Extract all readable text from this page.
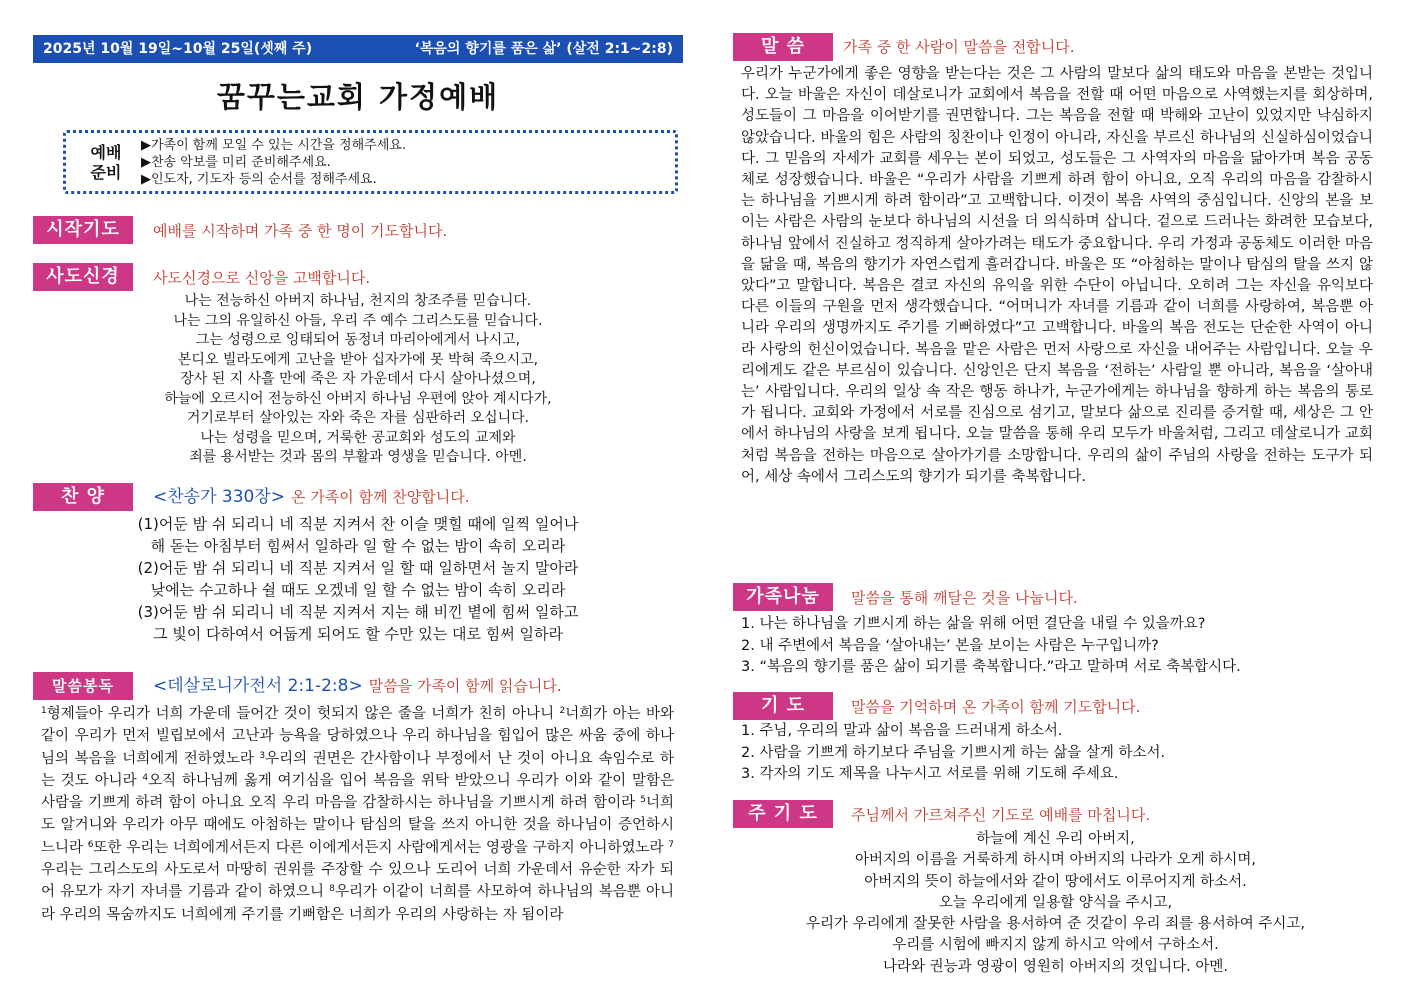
2025년 10월 19일~10월 25일(셋째 주)	‘복음의 향기를 품은 삶’ (살전 2:1~2:8)
꿈꾸는교회 가정예배
예배
준비
▶가족이 함께 모일 수 있는 시간을 정해주세요.
▶찬송 악보를 미리 준비해주세요.
▶인도자, 기도자 등의 순서를 정해주세요.
시작기도	예배를 시작하며 가족 중 한 명이 기도합니다.
사도신경	사도신경으로 신앙을 고백합니다.
나는 전능하신 아버지 하나님, 천지의 창조주를 믿습니다.
나는 그의 유일하신 아들, 우리 주 예수 그리스도를 믿습니다.
그는 성령으로 잉태되어 동정녀 마리아에게서 나시고,
본디오 빌라도에게 고난을 받아 십자가에 못 박혀 죽으시고,
장사 된 지 사흘 만에 죽은 자 가운데서 다시 살아나셨으며,
하늘에 오르시어 전능하신 아버지 하나님 우편에 앉아 계시다가,
거기로부터 살아있는 자와 죽은 자를 심판하러 오십니다.
나는 성령을 믿으며, 거룩한 공교회와 성도의 교제와
죄를 용서받는 것과 몸의 부활과 영생을 믿습니다. 아멘.
찬 양	<찬송가 330장> 온 가족이 함께 찬양합니다.
(1)어둔 밤 쉬 되리니 네 직분 지켜서 찬 이슬 맺힐 때에 일찍 일어나
해 돋는 아침부터 힘써서 일하라 일 할 수 없는 밤이 속히 오리라
(2)어둔 밤 쉬 되리니 네 직분 지켜서 일 할 때 일하면서 놀지 말아라
낮에는 수고하나 쉴 때도 오겠네 일 할 수 없는 밤이 속히 오리라
(3)어둔 밤 쉬 되리니 네 직분 지켜서 지는 해 비낀 볕에 힘써 일하고
그 빛이 다하여서 어둡게 되어도 할 수만 있는 대로 힘써 일하라
말씀봉독	<데살로니가전서 2:1-2:8> 말씀을 가족이 함께 읽습니다.
$^1$형제들아 우리가 너희 가운데 들어간 것이 헛되지 않은 줄을 너희가 친히 아나니 $^2$너희가 아는 바와 같이 우리가 먼저 빌립보에서 고난과 능욕을 당하였으나 우리 하나님을 힘입어 많은 싸움 중에 하나님의 복음을 너희에게 전하였노라 $^3$우리의 권면은 간사함이나 부정에서 난 것이 아니요 속임수로 하는 것도 아니라 $^4$오직 하나님께 옳게 여기심을 입어 복음을 위탁 받았으니 우리가 이와 같이 말함은 사람을 기쁘게 하려 함이 아니요 오직 우리 마음을 감찰하시는 하나님을 기쁘시게 하려 함이라 $^5$너희도 알거니와 우리가 아무 때에도 아첨하는 말이나 탐심의 탈을 쓰지 아니한 것을 하나님이 증언하시느니라 $^6$또한 우리는 너희에게서든지 다른 이에게서든지 사람에게서는 영광을 구하지 아니하였노라 $^7$우리는 그리스도의 사도로서 마땅히 권위를 주장할 수 있으나 도리어 너희 가운데서 유순한 자가 되어 유모가 자기 자녀를 기름과 같이 하였으니 $^8$우리가 이같이 너희를 사모하여 하나님의 복음뿐 아니라 우리의 목숨까지도 너희에게 주기를 기뻐함은 너희가 우리의 사랑하는 자 됨이라
말 씀	가족 중 한 사람이 말씀을 전합니다.
우리가 누군가에게 좋은 영향을 받는다는 것은 그 사람의 말보다 삶의 태도와 마음을 본받는 것입니다. 오늘 바울은 자신이 데살로니가 교회에서 복음을 전할 때 어떤 마음으로 사역했는지를 회상하며, 성도들이 그 마음을 이어받기를 권면합니다. 그는 복음을 전할 때 박해와 고난이 있었지만 낙심하지 않았습니다. 바울의 힘은 사람의 칭찬이나 인정이 아니라, 자신을 부르신 하나님의 신실하심이었습니다. 그 믿음의 자세가 교회를 세우는 본이 되었고, 성도들은 그 사역자의 마음을 닮아가며 복음 공동체로 성장했습니다. 바울은 “우리가 사람을 기쁘게 하려 함이 아니요, 오직 우리의 마음을 감찰하시는 하나님을 기쁘시게 하려 함이라”고 고백합니다. 이것이 복음 사역의 중심입니다. 신앙의 본을 보이는 사람은 사람의 눈보다 하나님의 시선을 더 의식하며 삽니다. 겉으로 드러나는 화려한 모습보다, 하나님 앞에서 진실하고 정직하게 살아가려는 태도가 중요합니다. 우리 가정과 공동체도 이러한 마음을 닮을 때, 복음의 향기가 자연스럽게 흘러갑니다. 바울은 또 “아첨하는 말이나 탐심의 탈을 쓰지 않았다”고 말합니다. 복음은 결코 자신의 유익을 위한 수단이 아닙니다. 오히려 그는 자신을 유익보다 다른 이들의 구원을 먼저 생각했습니다. “어머니가 자녀를 기름과 같이 너희를 사랑하여, 복음뿐 아니라 우리의 생명까지도 주기를 기뻐하였다”고 고백합니다. 바울의 복음 전도는 단순한 사역이 아니라 사랑의 헌신이었습니다. 복음을 맡은 사람은 먼저 사랑으로 자신을 내어주는 사람입니다. 오늘 우리에게도 같은 부르심이 있습니다. 신앙인은 단지 복음을 ‘전하는’ 사람일 뿐 아니라, 복음을 ‘살아내는’ 사람입니다. 우리의 일상 속 작은 행동 하나가, 누군가에게는 하나님을 향하게 하는 복음의 통로가 됩니다. 교회와 가정에서 서로를 진심으로 섬기고, 말보다 삶으로 진리를 증거할 때, 세상은 그 안에서 하나님의 사랑을 보게 됩니다. 오늘 말씀을 통해 우리 모두가 바울처럼, 그리고 데살로니가 교회처럼 복음을 전하는 마음으로 살아가기를 소망합니다. 우리의 삶이 주님의 사랑을 전하는 도구가 되어, 세상 속에서 그리스도의 향기가 되기를 축복합니다.
가족나눔	말씀을 통해 깨달은 것을 나눕니다.
1. 나는 하나님을 기쁘시게 하는 삶을 위해 어떤 결단을 내릴 수 있을까요?
2. 내 주변에서 복음을 ‘살아내는’ 본을 보이는 사람은 누구입니까?
3. “복음의 향기를 품은 삶이 되기를 축복합니다.”라고 말하며 서로 축복합시다.
기 도	말씀을 기억하며 온 가족이 함께 기도합니다.
1. 주님, 우리의 말과 삶이 복음을 드러내게 하소서.
2. 사람을 기쁘게 하기보다 주님을 기쁘시게 하는 삶을 살게 하소서.
3. 각자의 기도 제목을 나누시고 서로를 위해 기도해 주세요.
주 기 도	주님께서 가르쳐주신 기도로 예배를 마칩니다.
하늘에 계신 우리 아버지,
아버지의 이름을 거룩하게 하시며 아버지의 나라가 오게 하시며,
아버지의 뜻이 하늘에서와 같이 땅에서도 이루어지게 하소서.
오늘 우리에게 일용할 양식을 주시고,
우리가 우리에게 잘못한 사람을 용서하여 준 것같이 우리 죄를 용서하여 주시고,
우리를 시험에 빠지지 않게 하시고 악에서 구하소서.
나라와 권능과 영광이 영원히 아버지의 것입니다. 아멘.
